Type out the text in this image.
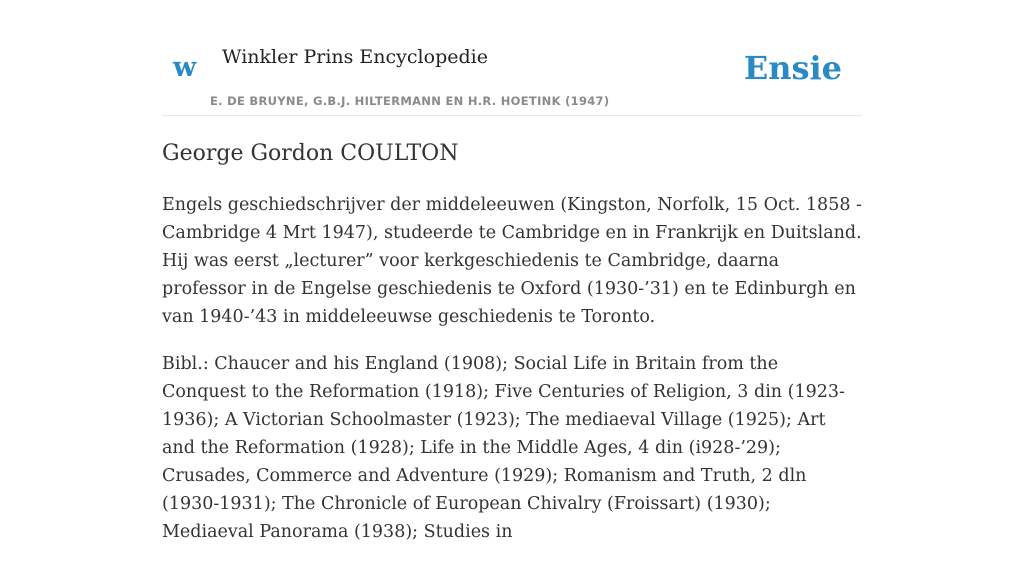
w Winkler Prins Encyclopedie
E. DE BRUYNE, G.B.J. HILTERMANN EN H.R. HOETINK (1947)
Ensie
George Gordon COULTON

Engels geschiedschrijver der middeleeuwen (Kingston, Norfolk, 15 Oct. 1858 - Cambridge 4 Mrt 1947), studeerde te Cambridge en in Frankrijk en Duitsland. Hij was eerst „lecturer” voor kerkgeschiedenis te Cambridge, daarna professor in de Engelse geschiedenis te Oxford (1930-’31) en te Edinburgh en van 1940-’43 in middeleeuwse geschiedenis te Toronto.

Bibl.: Chaucer and his England (1908); Social Life in Britain from the Conquest to the Reformation (1918); Five Centuries of Religion, 3 din (1923-1936); A Victorian Schoolmaster (1923); The mediaeval Village (1925); Art and the Reformation (1928); Life in the Middle Ages, 4 din (i928-’29); Crusades, Commerce and Adventure (1929); Romanism and Truth, 2 dln (1930-1931); The Chronicle of European Chivalry (Froissart) (1930); Mediaeval Panorama (1938); Studies in
